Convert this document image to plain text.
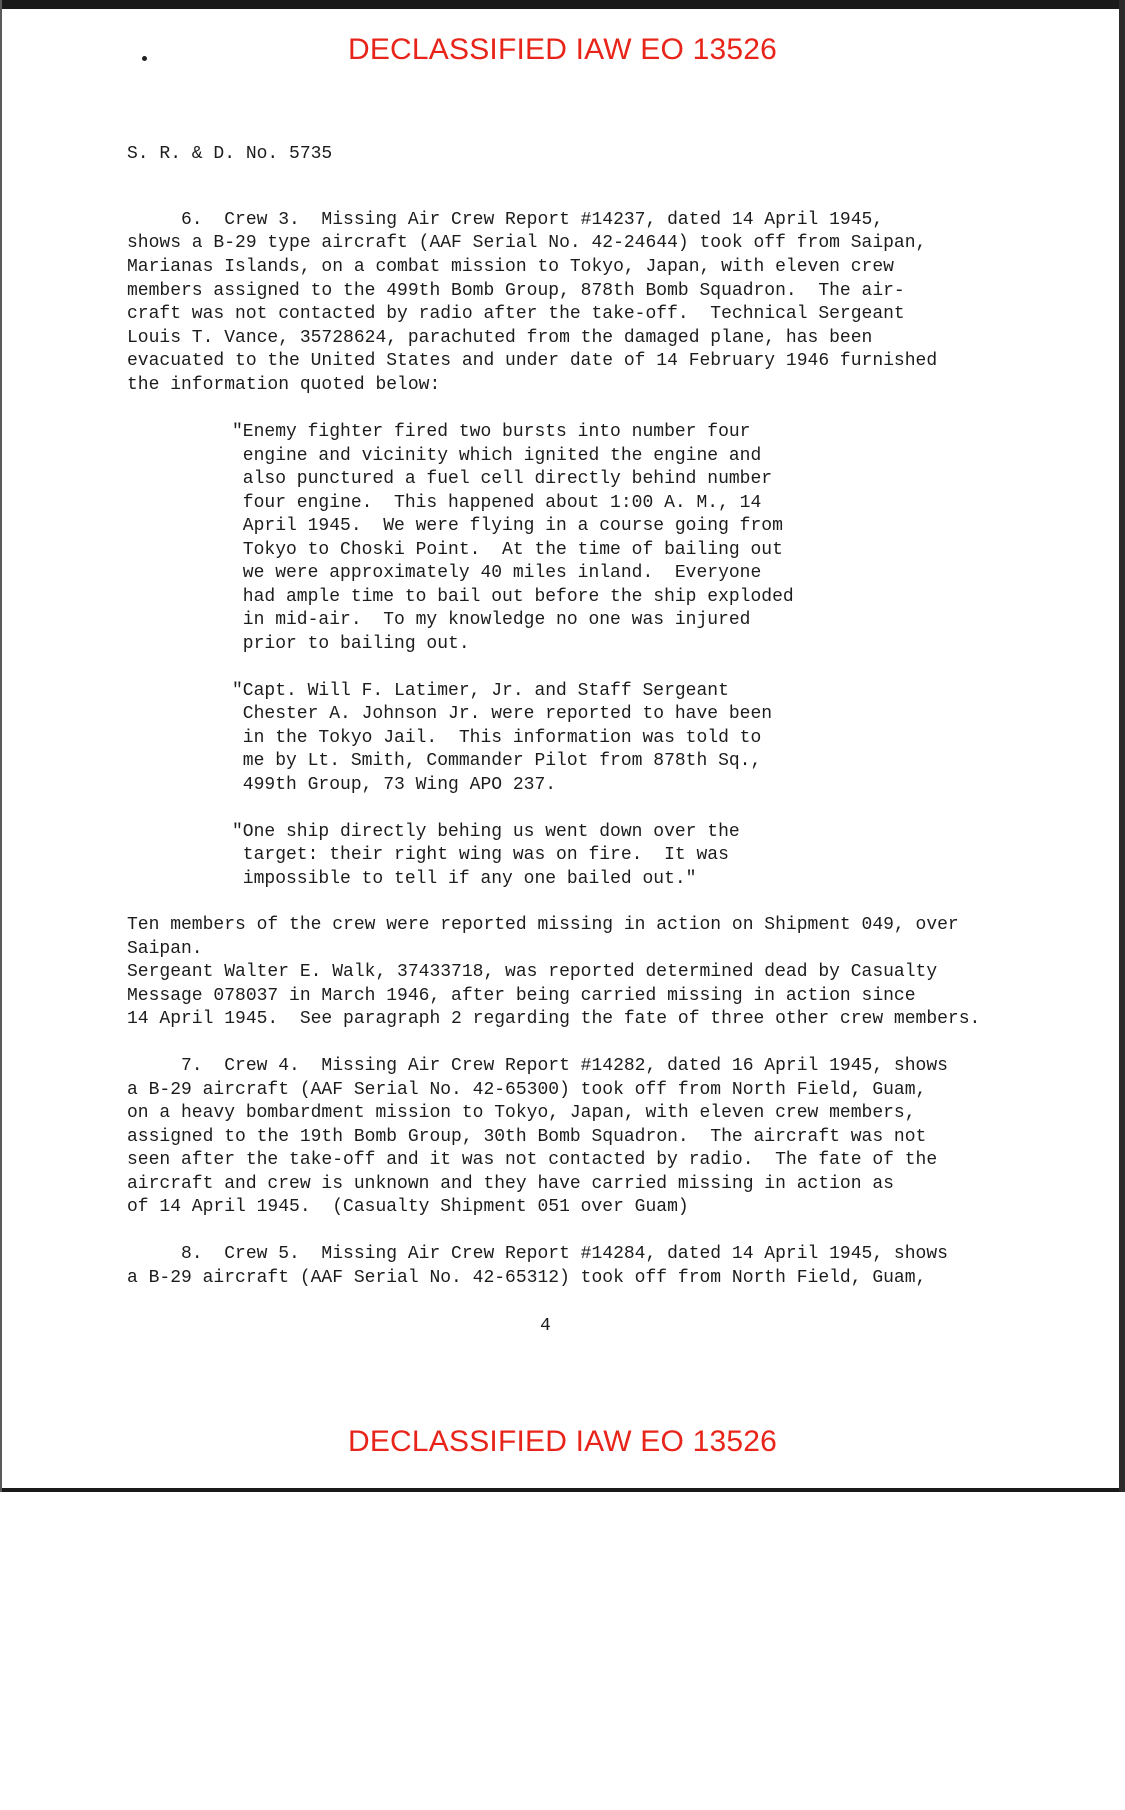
DECLASSIFIED IAW EO 13526

S. R. & D. No. 5735

6.  Crew 3.  Missing Air Crew Report #14237, dated 14 April 1945,

shows a B-29 type aircraft (AAF Serial No. 42-24644) took off from Saipan,

Marianas Islands, on a combat mission to Tokyo, Japan, with eleven crew

members assigned to the 499th Bomb Group, 878th Bomb Squadron.  The air-

craft was not contacted by radio after the take-off.  Technical Sergeant

Louis T. Vance, 35728624, parachuted from the damaged plane, has been

evacuated to the United States and under date of 14 February 1946 furnished

the information quoted below:

"Enemy fighter fired two bursts into number four

engine and vicinity which ignited the engine and

also punctured a fuel cell directly behind number

four engine.  This happened about 1:00 A. M., 14

April 1945.  We were flying in a course going from

Tokyo to Choski Point.  At the time of bailing out

we were approximately 40 miles inland.  Everyone

had ample time to bail out before the ship exploded

in mid-air.  To my knowledge no one was injured

prior to bailing out.

"Capt. Will F. Latimer, Jr. and Staff Sergeant

Chester A. Johnson Jr. were reported to have been

in the Tokyo Jail.  This information was told to

me by Lt. Smith, Commander Pilot from 878th Sq.,

499th Group, 73 Wing APO 237.

"One ship directly behing us went down over the

target: their right wing was on fire.  It was

impossible to tell if any one bailed out."

Ten members of the crew were reported missing in action on Shipment 049, over

Saipan.

Sergeant Walter E. Walk, 37433718, was reported determined dead by Casualty

Message 078037 in March 1946, after being carried missing in action since

14 April 1945.  See paragraph 2 regarding the fate of three other crew members.

7.  Crew 4.  Missing Air Crew Report #14282, dated 16 April 1945, shows

a B-29 aircraft (AAF Serial No. 42-65300) took off from North Field, Guam,

on a heavy bombardment mission to Tokyo, Japan, with eleven crew members,

assigned to the 19th Bomb Group, 30th Bomb Squadron.  The aircraft was not

seen after the take-off and it was not contacted by radio.  The fate of the

aircraft and crew is unknown and they have carried missing in action as

of 14 April 1945.  (Casualty Shipment 051 over Guam)

8.  Crew 5.  Missing Air Crew Report #14284, dated 14 April 1945, shows

a B-29 aircraft (AAF Serial No. 42-65312) took off from North Field, Guam,

4
DECLASSIFIED IAW EO 13526
